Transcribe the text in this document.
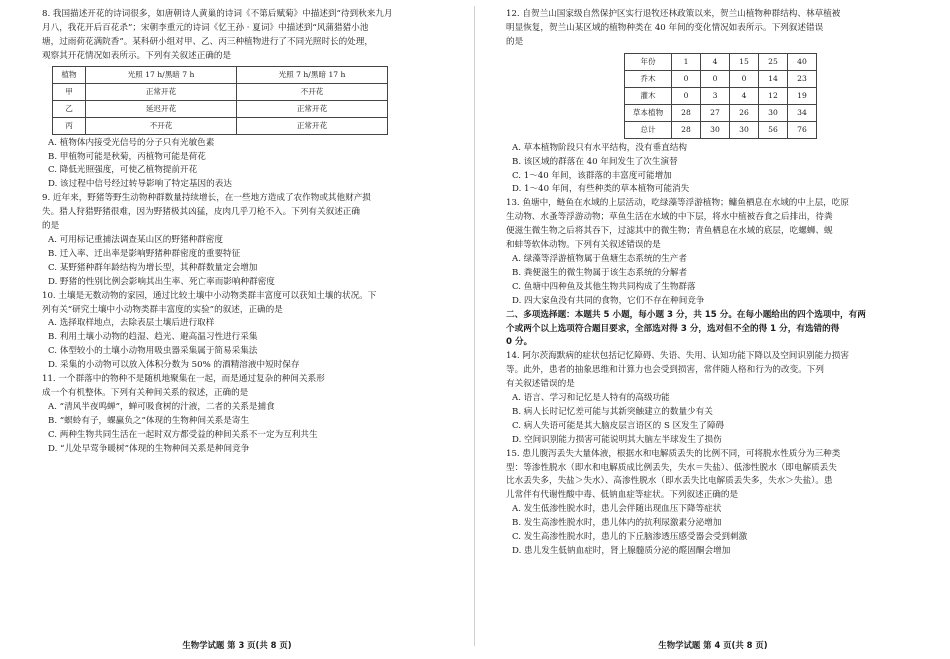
8. 我国描述开花的诗词很多，如唐朝诗人黄巢的诗词《不第后赋菊》中描述到“待到秋来九月

月八，我花开后百花杀”；宋朝李重元的诗词《忆王孙 · 夏词》中描述到“风蒲猎猎小池

塘，过雨荷花满院香”。某科研小组对甲、乙、丙三种植物进行了不同光照时长的处理，

观察其开花情况如表所示。下列有关叙述正确的是

植物	光照 17 h/黑暗 7 h	光照 7 h/黑暗 17 h
甲	正常开花	不开花
乙	延迟开花	正常开花
丙	不开花	正常开花

A. 植物体内接受光信号的分子只有光敏色素

B. 甲植物可能是秋菊，丙植物可能是荷花

C. 降低光照强度，可使乙植物提前开花

D. 该过程中信号经过转导影响了特定基因的表达

9. 近年来，野猪等野生动物种群数量持续增长，在一些地方造成了农作物或其他财产损

失。猎人狩猎野猪很难，因为野猪极其凶猛，皮肉几乎刀枪不入。下列有关叙述正确

的是

A. 可用标记重捕法调查某山区的野猪种群密度

B. 迁入率、迁出率是影响野猪种群密度的重要特征

C. 某野猪种群年龄结构为增长型，其种群数量定会增加

D. 野猪的性别比例会影响其出生率、死亡率而影响种群密度

10. 土壤是无数动物的家园，通过比较土壤中小动物类群丰富度可以获知土壤的状况。下

列有关“研究土壤中小动物类群丰富度的实验”的叙述，正确的是

A. 选择取样地点，去除表层土壤后进行取样

B. 利用土壤小动物的趋湿、趋光、避高温习性进行采集

C. 体型较小的土壤小动物用吸虫器采集属于简易采集法

D. 采集的小动物可以放入体积分数为 50% 的酒精溶液中短时保存

11. 一个群落中的物种不是随机地聚集在一起，而是通过复杂的种间关系形

成一个有机整体。下列有关种间关系的叙述，正确的是

A. “清风半夜鸣蝉”，蝉可吸食树的汁液，二者的关系是捕食

B. “螟蛉有子，蜾蠃负之”体现的生物种间关系是寄生

C. 两种生物共同生活在一起时双方都受益的种间关系不一定为互利共生

D. “儿处早莺争暖树”体现的生物种间关系是种间竞争

生物学试题 第 3 页(共 8 页)

12. 自贺兰山国家级自然保护区实行退牧还林政策以来，贺兰山植物种群结构、林草植被

明显恢复，贺兰山某区域的植物种类在 40 年间的变化情况如表所示。下列叙述错误

的是

年份	1	4	15	25	40
乔木	0	0	0	14	23
灌木	0	3	4	12	19
草本植物	28	27	26	30	34
总计	28	30	30	56	76

A. 草本植物阶段只有水平结构，没有垂直结构

B. 该区域的群落在 40 年间发生了次生演替

C. 1～40 年间，该群落的丰富度可能增加

D. 1～40 年间，有些种类的草本植物可能消失

13. 鱼塘中，鲢鱼在水域的上层活动，吃绿藻等浮游植物；鳙鱼栖息在水域的中上层，吃原

生动物、水蚤等浮游动物；草鱼生活在水域的中下层，将水中植被吞食之后排出，待粪

便滋生微生物之后将其吞下，过滤其中的微生物；青鱼栖息在水域的底层，吃螺蛳、蚬

和蚌等软体动物。下列有关叙述错误的是

A. 绿藻等浮游植物属于鱼塘生态系统的生产者

B. 粪便滋生的微生物属于该生态系统的分解者

C. 鱼塘中四种鱼及其他生物共同构成了生物群落

D. 四大家鱼没有共同的食物，它们不存在种间竞争

二、多项选择题：本题共 5 小题，每小题 3 分，共 15 分。在每小题给出的四个选项中，有两

个或两个以上选项符合题目要求，全部选对得 3 分，选对但不全的得 1 分，有选错的得

0 分。

14. 阿尔茨海默病的症状包括记忆障碍、失语、失用、认知功能下降以及空间识别能力损害

等。此外，患者的抽象思维和计算力也会受到损害，常伴随人格和行为的改变。下列

有关叙述错误的是

A. 语言、学习和记忆是人特有的高级功能

B. 病人长时记忆差可能与其新突触建立的数量少有关

C. 病人失语可能是其大脑皮层言语区的 S 区发生了障碍

D. 空间识别能力损害可能说明其大脑左半球发生了损伤

15. 患儿腹泻丢失大量体液，根据水和电解质丢失的比例不同，可将脱水性质分为三种类

型：等渗性脱水（即水和电解质成比例丢失，失水＝失盐）、低渗性脱水（即电解质丢失

比水丢失多，失盐＞失水）、高渗性脱水（即水丢失比电解质丢失多，失水＞失盐）。患

儿常伴有代谢性酸中毒、低钠血症等症状。下列叙述正确的是

A. 发生低渗性脱水时，患儿会伴随出现血压下降等症状

B. 发生高渗性脱水时，患儿体内的抗利尿激素分泌增加

C. 发生高渗性脱水时，患儿的下丘脑渗透压感受器会受到刺激

D. 患儿发生低钠血症时，肾上腺髓质分泌的醛固酮会增加

生物学试题 第 4 页(共 8 页)
